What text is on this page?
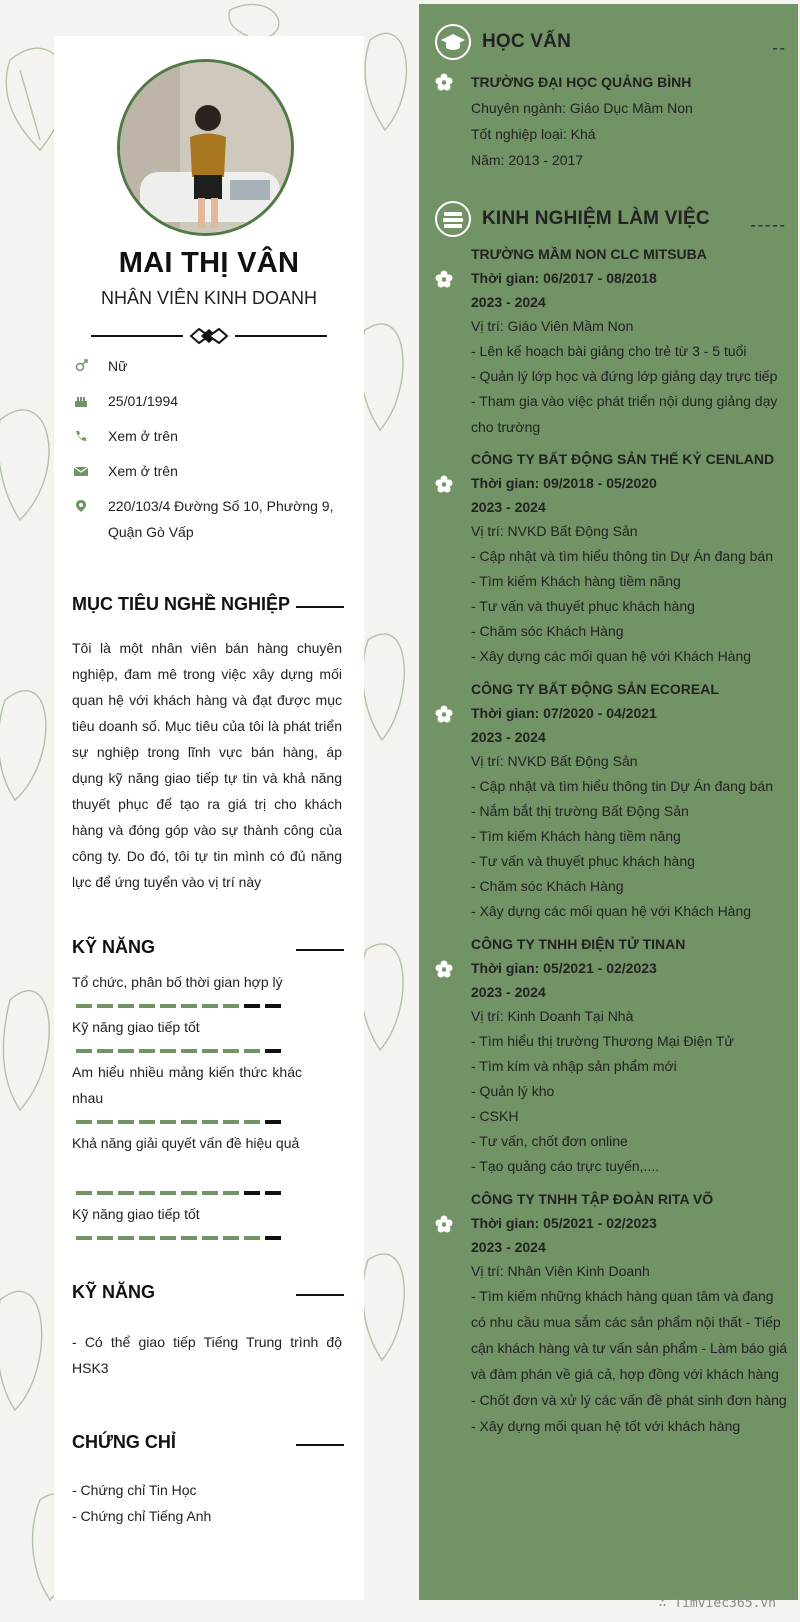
MAI THỊ VÂN
NHÂN VIÊN KINH DOANH
Nữ
25/01/1994
Xem ở trên
Xem ở trên
220/103/4 Đường Số 10, Phường 9, Quận Gò Vấp
MỤC TIÊU NGHỀ NGHIỆP
Tôi là một nhân viên bán hàng chuyên nghiệp, đam mê trong việc xây dựng mối quan hệ với khách hàng và đạt được mục tiêu doanh số. Mục tiêu của tôi là phát triển sự nghiệp trong lĩnh vực bán hàng, áp dụng kỹ năng giao tiếp tự tin và khả năng thuyết phục để tạo ra giá trị cho khách hàng và đóng góp vào sự thành công của công ty. Do đó, tôi tự tin mình có đủ năng lực để ứng tuyển vào vị trí này
KỸ NĂNG
Tổ chức, phân bố thời gian hợp lý
Kỹ năng giao tiếp tốt
Am hiểu nhiều mảng kiến thức khác nhau
Khả năng giải quyết vấn đề hiệu quả
Kỹ năng giao tiếp tốt
KỸ NĂNG
- Có thể giao tiếp Tiếng Trung trình độ HSK3
CHỨNG CHỈ
- Chứng chỉ Tin Học
- Chứng chỉ Tiếng Anh
HỌC VẤN	--
TRƯỜNG ĐẠI HỌC QUẢNG BÌNH
Chuyên ngành: Giáo Dục Mầm Non
Tốt nghiệp loại: Khá
Năm: 2013 - 2017
KINH NGHIỆM LÀM VIỆC	-----
TRƯỜNG MẦM NON CLC MITSUBA
Thời gian: 06/2017 - 08/2018
2023 - 2024
Vị trí: Giáo Viên Mầm Non
- Lên kế hoạch bài giảng cho trẻ từ 3 - 5 tuổi
- Quản lý lớp học và đứng lớp giảng dạy trực tiếp
- Tham gia vào việc phát triển nội dung giảng dạy cho trường
CÔNG TY BẤT ĐỘNG SẢN THẾ KỶ CENLAND
Thời gian: 09/2018 - 05/2020
2023 - 2024
Vị trí: NVKD Bất Động Sản
- Cập nhật và tìm hiểu thông tin Dự Án đang bán
- Tìm kiếm Khách hàng tiềm năng
- Tư vấn và thuyết phục khách hàng
- Chăm sóc Khách Hàng
- Xây dựng các mối quan hệ với Khách Hàng
CÔNG TY BẤT ĐỘNG SẢN ECOREAL
Thời gian: 07/2020 - 04/2021
2023 - 2024
Vị trí: NVKD Bất Động Sản
- Cập nhật và tìm hiểu thông tin Dự Án đang bán
- Nắm bắt thị trường Bất Động Sản
- Tìm kiếm Khách hàng tiềm năng
- Tư vấn và thuyết phục khách hàng
- Chăm sóc Khách Hàng
- Xây dựng các mối quan hệ với Khách Hàng
CÔNG TY TNHH ĐIỆN TỬ TINAN
Thời gian: 05/2021 - 02/2023
2023 - 2024
Vị trí: Kinh Doanh Tại Nhà
- Tìm hiểu thị trường Thương Mại Điện Tử
- Tìm kím và nhập sản phẩm mới
- Quản lý kho
- CSKH
- Tư vấn, chốt đơn online
- Tạo quảng cáo trực tuyến,....
CÔNG TY TNHH TẬP ĐOÀN RITA VÕ
Thời gian: 05/2021 - 02/2023
2023 - 2024
Vị trí: Nhân Viên Kinh Doanh
- Tìm kiếm những khách hàng quan tâm và đang có nhu cầu mua sắm các sản phẩm nội thất - Tiếp cận khách hàng và tư vấn sản phẩm - Làm báo giá và đàm phán về giá cả, hợp đồng với khách hàng - Chốt đơn và xử lý các vấn đề phát sinh đơn hàng - Xây dựng mối quan hệ tốt với khách hàng
∴ Timviec365.vn
